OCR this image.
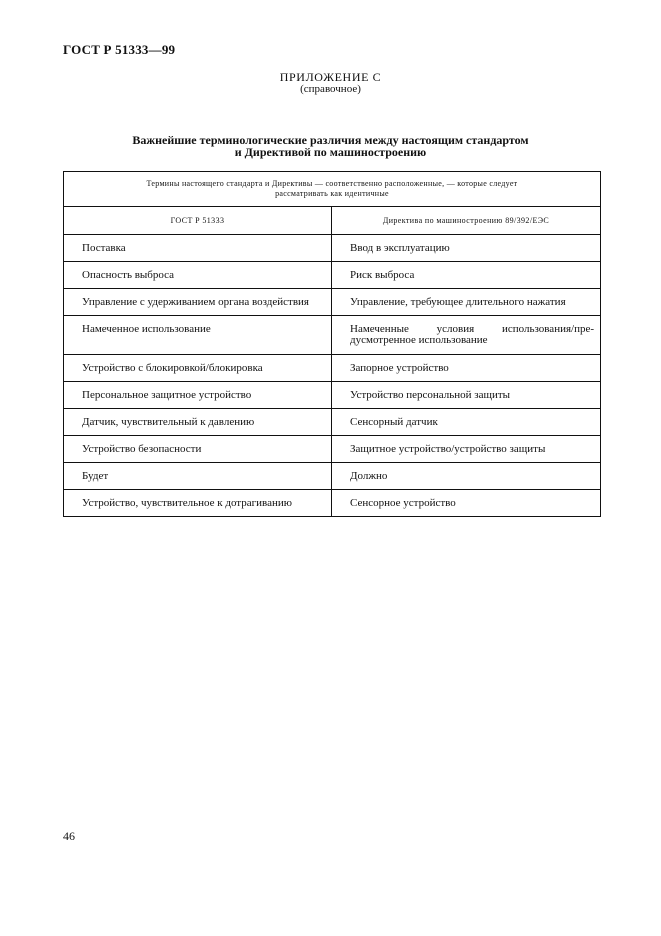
ГОСТ Р 51333—99
ПРИЛОЖЕНИЕ С
(справочное)
Важнейшие терминологические различия между настоящим стандартом
и Директивой по машиностроению
Термины настоящего стандарта и Директивы — соответственно расположенные, — которые следует
рассматривать как идентичные	

ГОСТ Р 51333	Директива по машиностроению 89/392/ЕЭС

Поставка	Ввод в эксплуатацию

Опасность выброса	Риск выброса

Управление с удерживанием органа воздействия	Управление, требующее длительного нажатия

Намеченное использование	Намеченные условия использования/пре-
дусмотренное использование

Устройство с блокировкой/блокировка	Запорное устройство

Персональное защитное устройство	Устройство персональной защиты

Датчик, чувствительный к давлению	Сенсорный датчик

Устройство безопасности	Защитное устройство/устройство защиты

Будет	Должно

Устройство, чувствительное к дотрагиванию	Сенсорное устройство
46
